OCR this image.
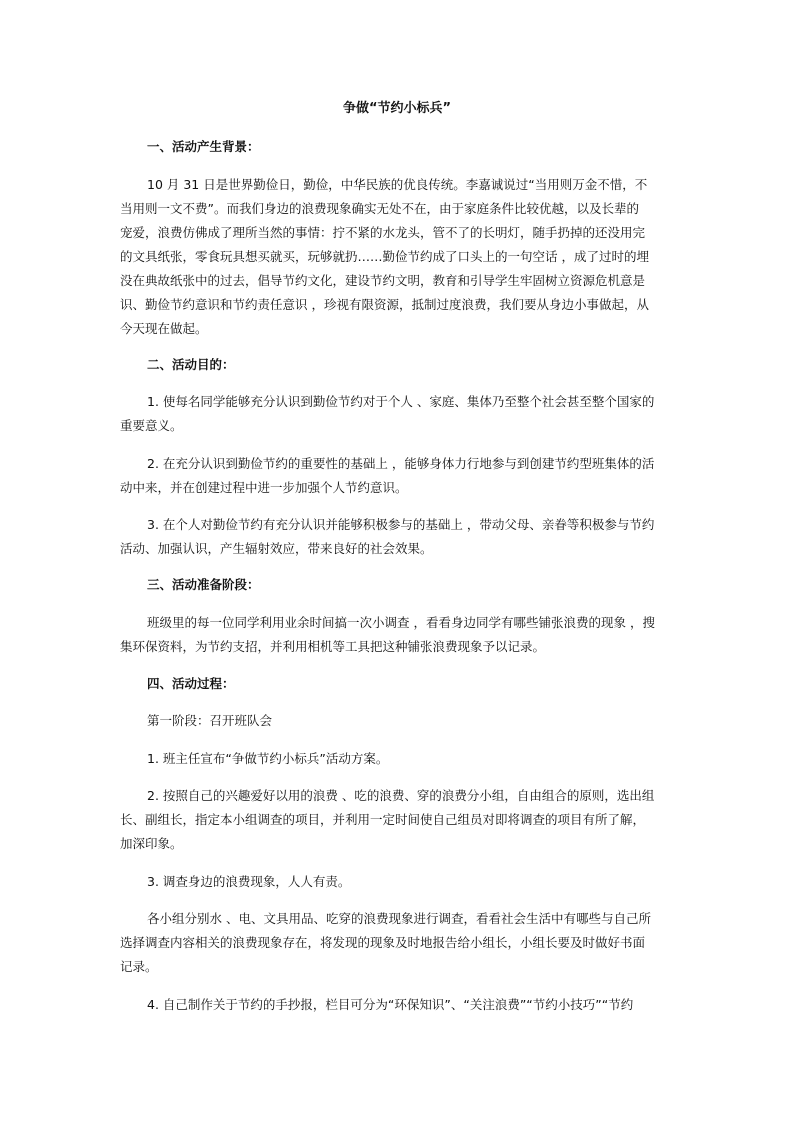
争做“节约小标兵”
一、活动产生背景：
10 月 31 日是世界勤俭日，勤俭，中华民族的优良传统。李嘉诚说过“当用则万金不惜，不
当用则一文不费”。而我们身边的浪费现象确实无处不在，由于家庭条件比较优越，以及长辈的
宠爱，浪费仿佛成了理所当然的事情：拧不紧的水龙头，管不了的长明灯，随手扔掉的还没用完
的文具纸张，零食玩具想买就买，玩够就扔……勤俭节约成了口头上的一句空话 ，成了过时的埋
没在典故纸张中的过去，倡导节约文化，建设节约文明，教育和引导学生牢固树立资源危机意是
识、勤俭节约意识和节约责任意识 ，珍视有限资源，抵制过度浪费，我们要从身边小事做起，从
今天现在做起。
二、活动目的：
1. 使每名同学能够充分认识到勤俭节约对于个人 、家庭、集体乃至整个社会甚至整个国家的
重要意义。
2. 在充分认识到勤俭节约的重要性的基础上 ，能够身体力行地参与到创建节约型班集体的活
动中来，并在创建过程中进一步加强个人节约意识。
3. 在个人对勤俭节约有充分认识并能够积极参与的基础上 ，带动父母、亲眷等积极参与节约
活动、加强认识，产生辐射效应，带来良好的社会效果。
三、活动准备阶段：
班级里的每一位同学利用业余时间搞一次小调查 ，看看身边同学有哪些铺张浪费的现象 ，搜
集环保资料，为节约支招，并利用相机等工具把这种铺张浪费现象予以记录。
四、活动过程：
第一阶段：召开班队会
1. 班主任宣布“争做节约小标兵”活动方案。
2. 按照自己的兴趣爱好以用的浪费 、吃的浪费、穿的浪费分小组，自由组合的原则，选出组
长、副组长，指定本小组调查的项目，并利用一定时间使自己组员对即将调查的项目有所了解，
加深印象。
3. 调查身边的浪费现象，人人有责。
各小组分别水 、电、文具用品、吃穿的浪费现象进行调查，看看社会生活中有哪些与自己所
选择调查内容相关的浪费现象存在，将发现的现象及时地报告给小组长，小组长要及时做好书面
记录。
4. 自己制作关于节约的手抄报，栏目可分为“环保知识”、“关注浪费”“节约小技巧”“节约
